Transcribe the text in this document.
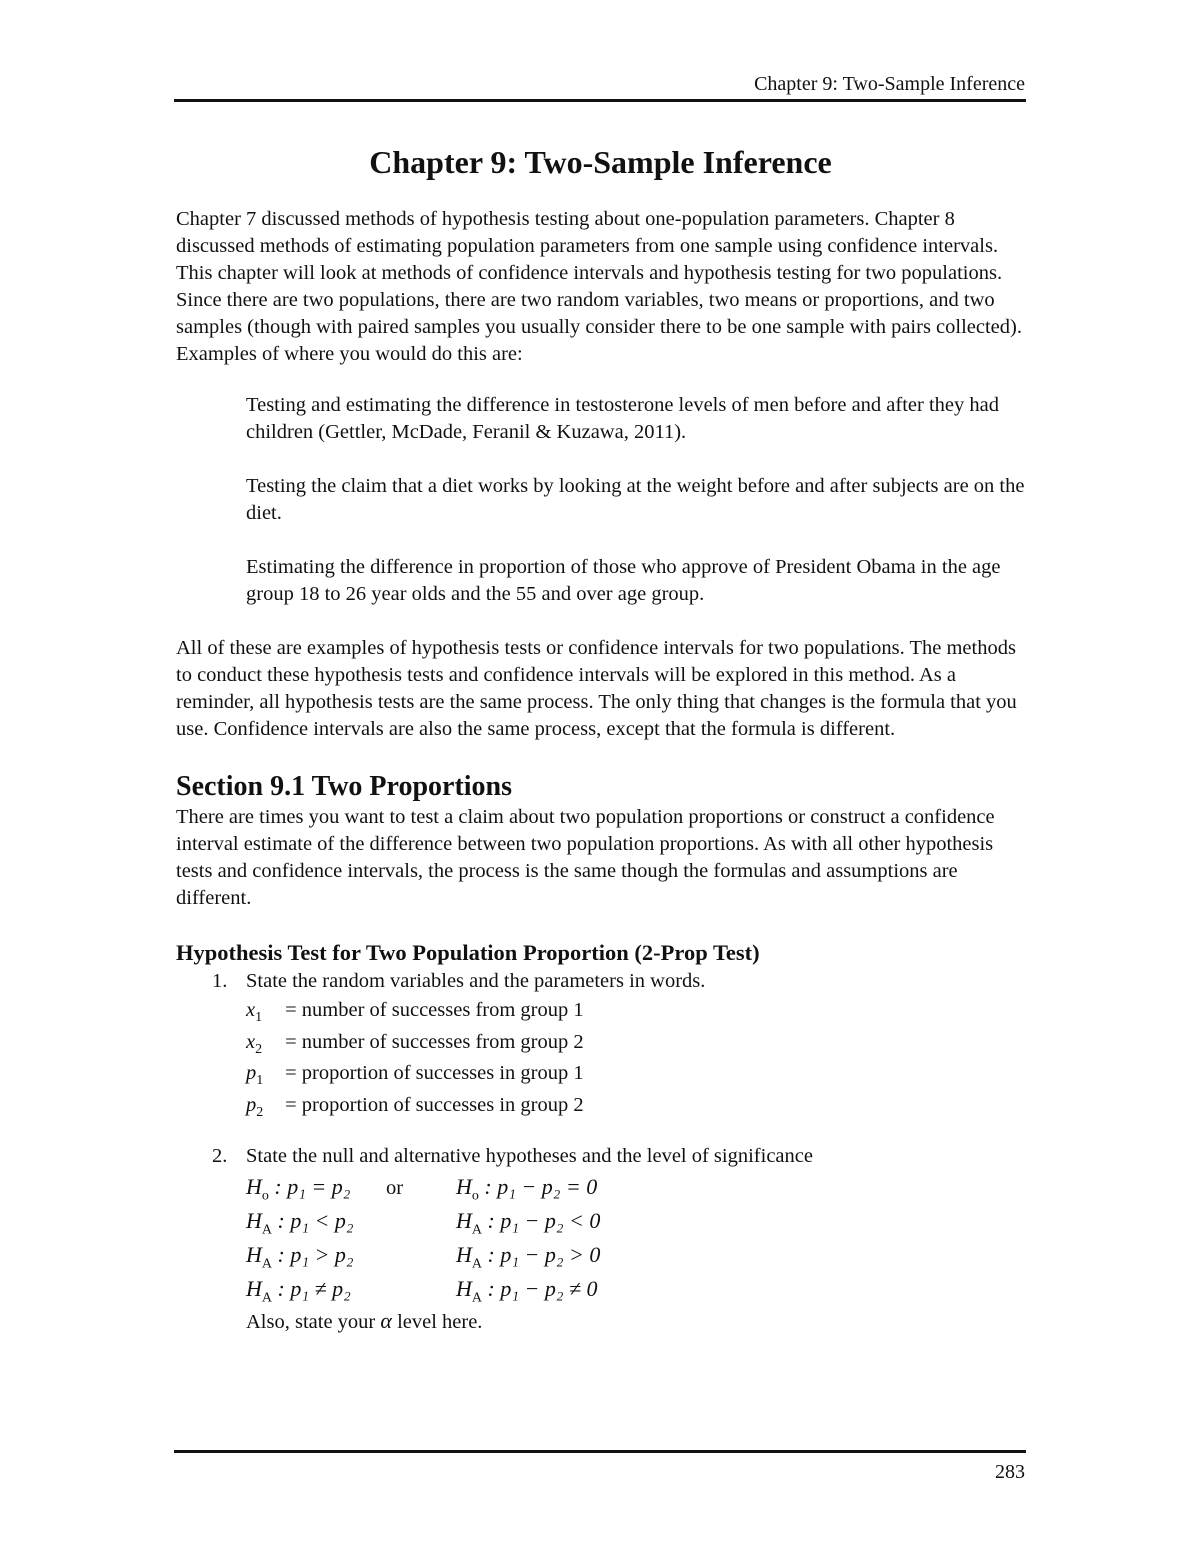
Chapter 9: Two-Sample Inference
Chapter 9: Two-Sample Inference

Chapter 7 discussed methods of hypothesis testing about one-population parameters. Chapter 8 discussed methods of estimating population parameters from one sample using confidence intervals. This chapter will look at methods of confidence intervals and hypothesis testing for two populations. Since there are two populations, there are two random variables, two means or proportions, and two samples (though with paired samples you usually consider there to be one sample with pairs collected). Examples of where you would do this are:

Testing and estimating the difference in testosterone levels of men before and after they had children (Gettler, McDade, Feranil & Kuzawa, 2011).

Testing the claim that a diet works by looking at the weight before and after subjects are on the diet.

Estimating the difference in proportion of those who approve of President Obama in the age group 18 to 26 year olds and the 55 and over age group.

All of these are examples of hypothesis tests or confidence intervals for two populations. The methods to conduct these hypothesis tests and confidence intervals will be explored in this method. As a reminder, all hypothesis tests are the same process. The only thing that changes is the formula that you use. Confidence intervals are also the same process, except that the formula is different.

Section 9.1 Two Proportions

There are times you want to test a claim about two population proportions or construct a confidence interval estimate of the difference between two population proportions. As with all other hypothesis tests and confidence intervals, the process is the same though the formulas and assumptions are different.

Hypothesis Test for Two Population Proportion (2-Prop Test)
1. State the random variables and the parameters in words.
$x_1$ = number of successes from group 1
$x_2$ = number of successes from group 2
$p_1$ = proportion of successes in group 1
$p_2$ = proportion of successes in group 2
2. State the null and alternative hypotheses and the level of significance
$H_o$ : p₁ = p₂ or $H_o$ : p₁ − p₂ = 0
$H_A$ : p₁ < p₂	$H_A$ : p₁ − p₂ < 0
$H_A$ : p₁ > p₂	$H_A$ : p₁ − p₂ > 0
$H_A$ : p₁ ≠ p₂	$H_A$ : p₁ − p₂ ≠ 0
Also, state your α level here.
283
